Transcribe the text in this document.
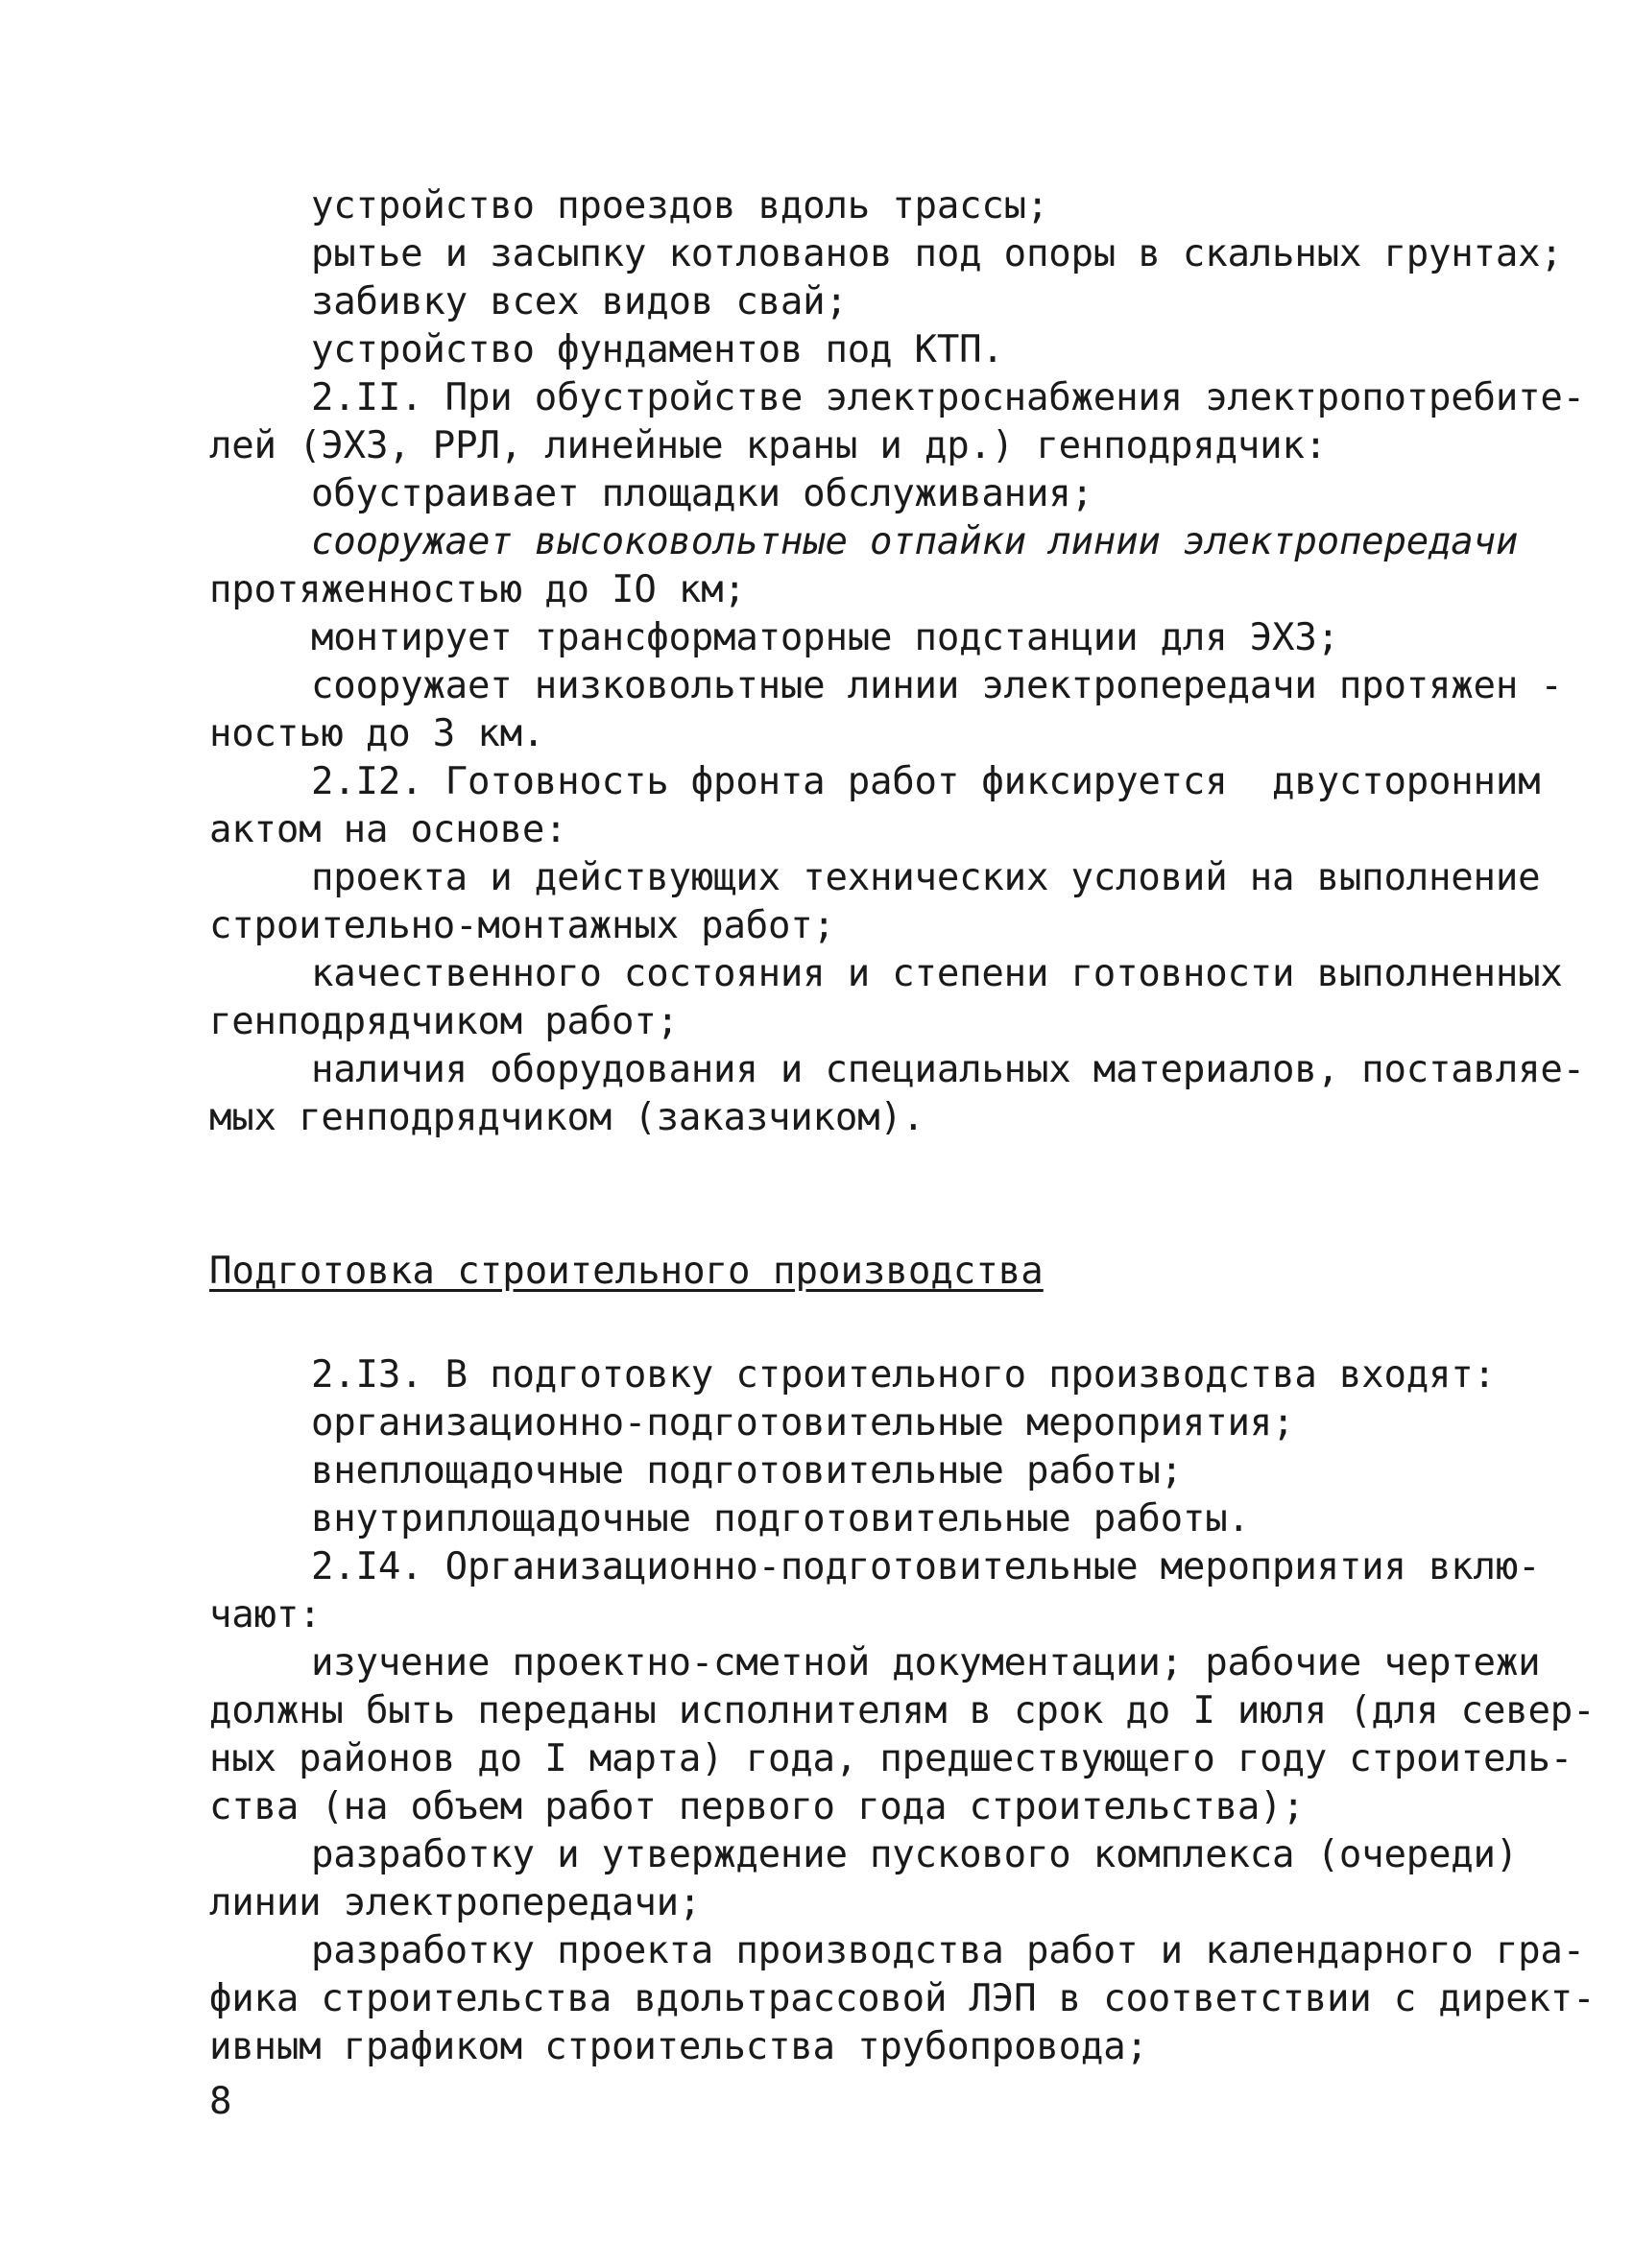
устройство проездов вдоль трассы;
рытье и засыпку котлованов под опоры в скальных грунтах;
забивку всех видов свай;
устройство фундаментов под КТП.
2.II. При обустройстве электроснабжения электропотребите-
лей (ЭХЗ, РРЛ, линейные краны и др.) генподрядчик:
обустраивает площадки обслуживания;
сооружает высоковольтные отпайки линии электропередачи
протяженностью до IO км;
монтирует трансформаторные подстанции для ЭХЗ;
сооружает низковольтные линии электропередачи протяжен -
ностью до 3 км.
2.I2. Готовность фронта работ фиксируется  двусторонним
актом на основе:
проекта и действующих технических условий на выполнение
строительно-монтажных работ;
качественного состояния и степени готовности выполненных
генподрядчиком работ;
наличия оборудования и специальных материалов, поставляе-
мых генподрядчиком (заказчиком).
Подготовка строительного производства
2.I3. В подготовку строительного производства входят:
организационно-подготовительные мероприятия;
внеплощадочные подготовительные работы;
внутриплощадочные подготовительные работы.
2.I4. Организационно-подготовительные мероприятия вклю-
чают:
изучение проектно-сметной документации; рабочие чертежи
должны быть переданы исполнителям в срок до I июля (для север-
ных районов до I марта) года, предшествующего году строитель-
ства (на объем работ первого года строительства);
разработку и утверждение пускового комплекса (очереди)
линии электропередачи;
разработку проекта производства работ и календарного гра-
фика строительства вдольтрассовой ЛЭП в соответствии с директ-
ивным графиком строительства трубопровода;
8
